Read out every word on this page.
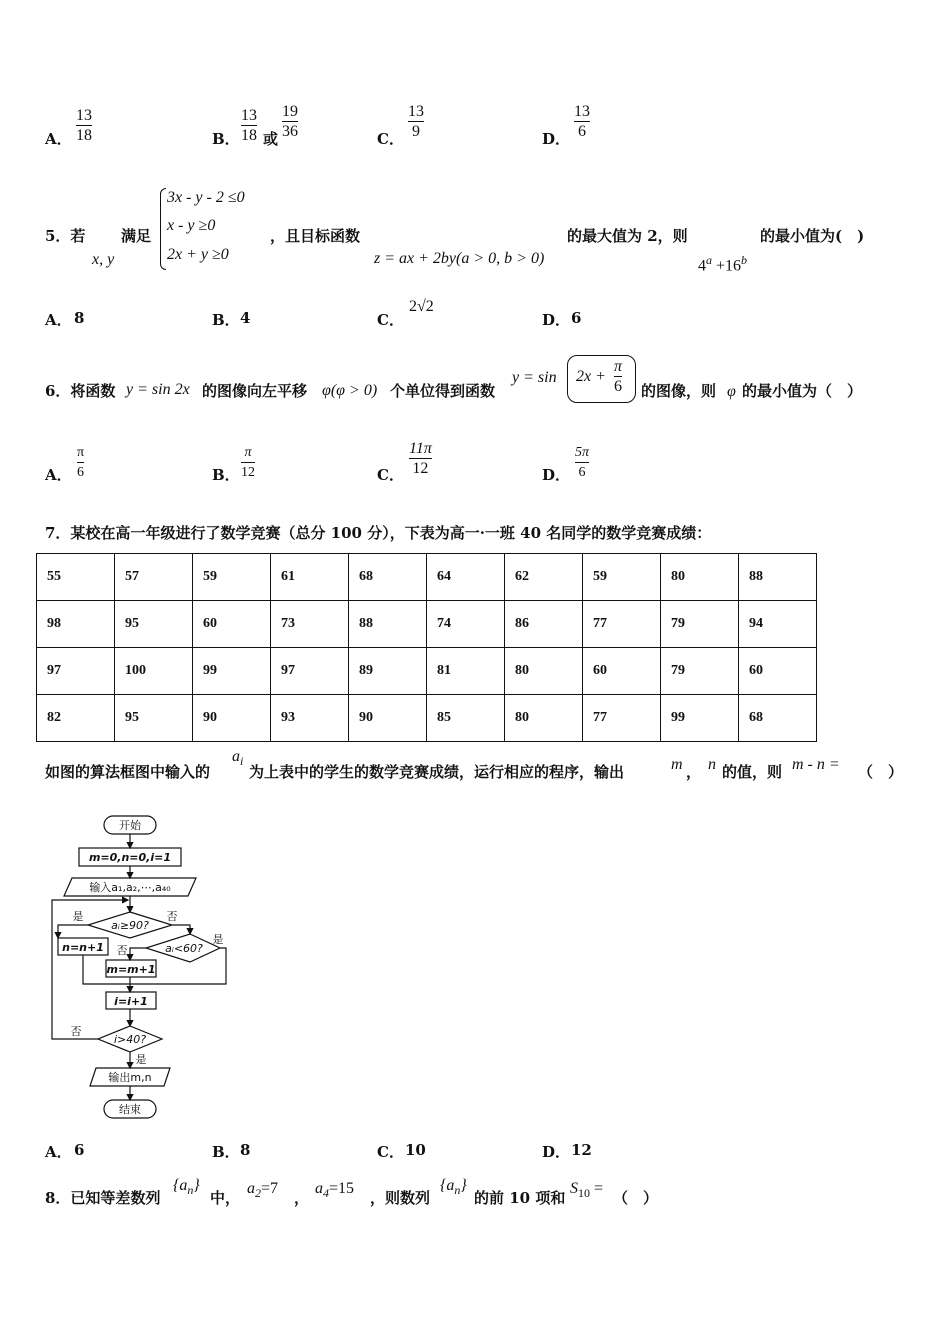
A．
13
18	B．
13
18 或
19
36	C．
13
9	D．
13
6
5．若
x, y
满足
3x - y - 2 ≤0
x - y ≥0
2x + y ≥0
，且目标函数
z = ax + 2by(a > 0, b > 0)
的最大值为 2，则
$4^a +16^b$
的最小值为(　)
A． 8	B． 4	C．
2√2
D． 6
6．将函数 y = sin 2x 的图像向左平移 φ(φ > 0) 个单位得到函数
y = sin 2x +
π
6 的图像，则 φ 的最小值为（　）
A．
π
6	B．
π
12	C．
11π
12	D．
5π
6
7．某校在高一年级进行了数学竞赛（总分 100 分），下表为高一·一班 40 名同学的数学竞赛成绩：
55	57	59	61	68	64	62	59	80	88
98	95	60	73	88	74	86	77	79	94
97	100	99	97	89	81	80	60	79	60
82	95	90	93	90	85	80	77	99	68
如图的算法框图中输入的
$a_i$
为上表中的学生的数学竞赛成绩，运行相应的程序，输出	m ， n 的值，则 m - n = （　）
开始
m=0,n=0,i=1
输入a₁,a₂,⋯,a₄₀
aᵢ≥90?
是	否
n=n+1	aᵢ<60?
否
是
m=m+1
i=i+1
i>40?
否
是
输出m,n
结束
A． 6	B． 8	C． 10	D． 12
8．已知等差数列
$\{a_n\}$
中，
$a_2=7$
，
$a_4=15$
，则数列
$\{a_n\}$
的前 10 项和
$S_{10}$ =
（　）
